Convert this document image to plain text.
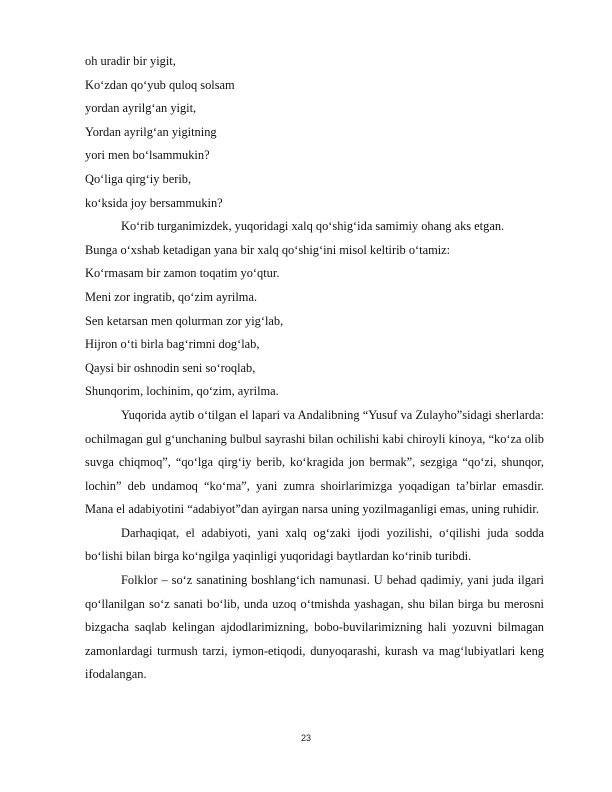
oh uradir bir yigit,
Ko‘zdan qo‘yub quloq solsam
yordan ayrilg‘an yigit,
Yordan ayrilg‘an yigitning
yori men bo‘lsammukin?
Qo‘liga qirg‘iy berib,
ko‘ksida joy bersammukin?

Ko‘rib turganimizdek, yuqoridagi xalq qo‘shig‘ida samimiy ohang aks etgan.

Bunga o‘xshab ketadigan yana bir xalq qo‘shig‘ini misol keltirib o‘tamiz:
Ko‘rmasam bir zamon toqatim yo‘qtur.
Meni zor ingratib, qo‘zim ayrilma.
Sen ketarsan men qolurman zor yig‘lab,
Hijron o‘ti birla bag‘rimni dog‘lab,
Qaysi bir oshnodin seni so‘roqlab,
Shunqorim, lochinim, qo‘zim, ayrilma.

Yuqorida aytib o‘tilgan el lapari va Andalibning “Yusuf va Zulayho”sidagi sherlarda: ochilmagan gul g‘unchaning bulbul sayrashi bilan ochilishi kabi chiroyli kinoya, “ko‘za olib suvga chiqmoq”, “qo‘lga qirg‘iy berib, ko‘kragida jon bermak”, sezgiga “qo‘zi, shunqor, lochin” deb undamoq “ko‘ma”, yani zumra shoirlarimizga yoqadigan ta’birlar emasdir. Mana el adabiyotini “adabiyot”dan ayirgan narsa uning yozilmaganligi emas, uning ruhidir.

Darhaqiqat, el adabiyoti, yani xalq og‘zaki ijodi yozilishi, o‘qilishi juda sodda bo‘lishi bilan birga ko‘ngilga yaqinligi yuqoridagi baytlardan ko‘rinib turibdi.

Folklor – so‘z sanatining boshlang‘ich namunasi. U behad qadimiy, yani juda ilgari qo‘llanilgan so‘z sanati bo‘lib, unda uzoq o‘tmishda yashagan, shu bilan birga bu merosni bizgacha saqlab kelingan ajdodlarimizning, bobo-buvilarimizning hali yozuvni bilmagan zamonlardagi turmush tarzi, iymon-etiqodi, dunyoqarashi, kurash va mag‘lubiyatlari keng ifodalangan.

23
